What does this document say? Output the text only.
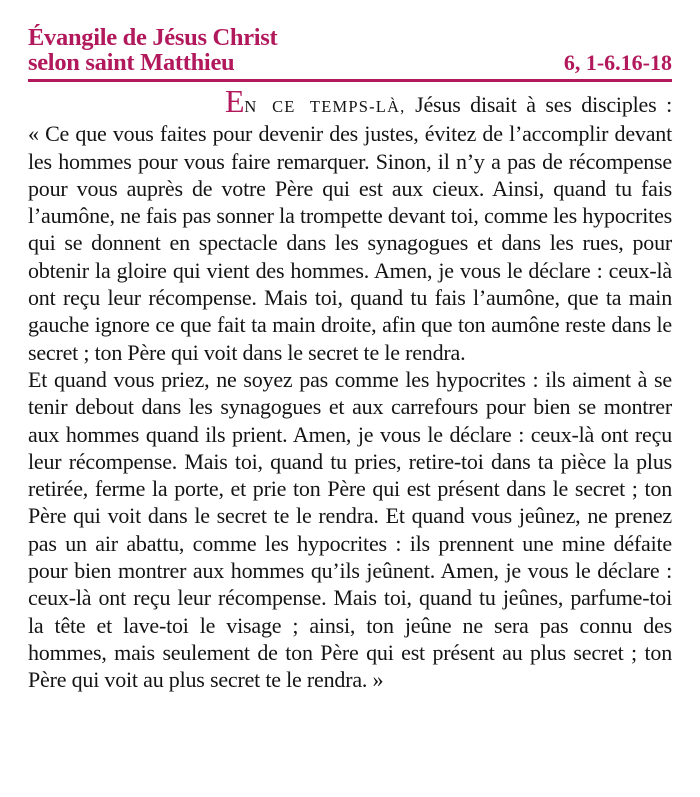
Évangile de Jésus Christ
selon saint Matthieu	6, 1-6.16-18

EN CE TEMPS-LÀ, Jésus disait à ses disciples : « Ce que vous faites pour devenir des justes, évitez de l’accomplir devant les hommes pour vous faire remarquer. Sinon, il n’y a pas de récompense pour vous auprès de votre Père qui est aux cieux. Ainsi, quand tu fais l’aumône, ne fais pas sonner la trompette devant toi, comme les hypocrites qui se donnent en spectacle dans les synagogues et dans les rues, pour obtenir la gloire qui vient des hommes. Amen, je vous le déclare : ceux-là ont reçu leur récompense. Mais toi, quand tu fais l’aumône, que ta main gauche ignore ce que fait ta main droite, afin que ton aumône reste dans le secret ; ton Père qui voit dans le secret te le rendra.

Et quand vous priez, ne soyez pas comme les hypocrites : ils aiment à se tenir debout dans les synagogues et aux carrefours pour bien se montrer aux hommes quand ils prient. Amen, je vous le déclare : ceux-là ont reçu leur récompense. Mais toi, quand tu pries, retire-toi dans ta pièce la plus retirée, ferme la porte, et prie ton Père qui est présent dans le secret ; ton Père qui voit dans le secret te le rendra. Et quand vous jeûnez, ne prenez pas un air abattu, comme les hypocrites : ils prennent une mine défaite pour bien montrer aux hommes qu’ils jeûnent. Amen, je vous le déclare : ceux-là ont reçu leur récompense. Mais toi, quand tu jeûnes, parfume-toi la tête et lave-toi le visage ; ainsi, ton jeûne ne sera pas connu des hommes, mais seulement de ton Père qui est présent au plus secret ; ton Père qui voit au plus secret te le rendra. »
